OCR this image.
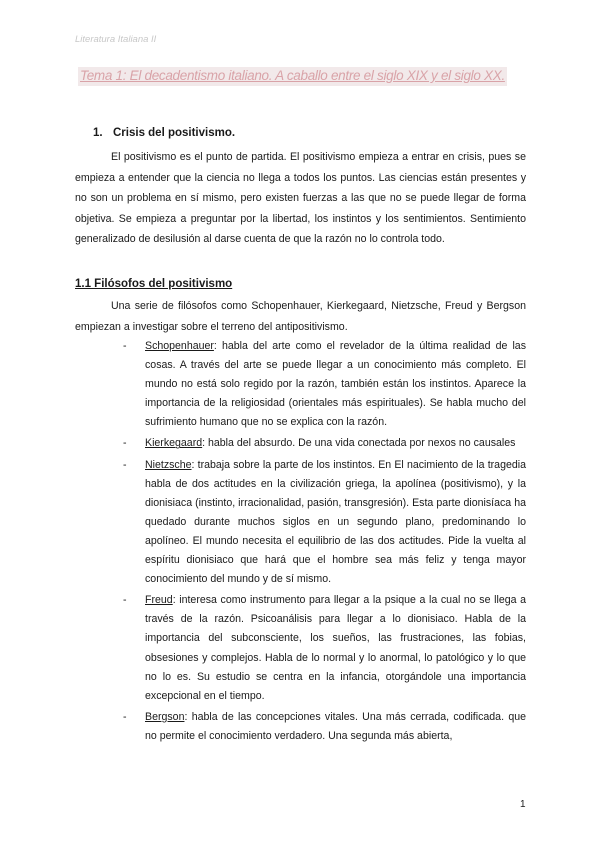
Literatura Italiana II
Tema 1: El decadentismo italiano. A caballo entre el siglo XIX y el siglo XX.
1. Crisis del positivismo.
El positivismo es el punto de partida. El positivismo empieza a entrar en crisis, pues se empieza a entender que la ciencia no llega a todos los puntos. Las ciencias están presentes y no son un problema en sí mismo, pero existen fuerzas a las que no se puede llegar de forma objetiva. Se empieza a preguntar por la libertad, los instintos y los sentimientos. Sentimiento generalizado de desilusión al darse cuenta de que la razón no lo controla todo.
1.1 Filósofos del positivismo
Una serie de filósofos como Schopenhauer, Kierkegaard, Nietzsche, Freud y Bergson empiezan a investigar sobre el terreno del antipositivismo.
- Schopenhauer: habla del arte como el revelador de la última realidad de las cosas. A través del arte se puede llegar a un conocimiento más completo. El mundo no está solo regido por la razón, también están los instintos. Aparece la importancia de la religiosidad (orientales más espirituales). Se habla mucho del sufrimiento humano que no se explica con la razón.
- Kierkegaard: habla del absurdo. De una vida conectada por nexos no causales
- Nietzsche: trabaja sobre la parte de los instintos. En El nacimiento de la tragedia habla de dos actitudes en la civilización griega, la apolínea (positivismo), y la dionisiaca (instinto, irracionalidad, pasión, transgresión). Esta parte dionisíaca ha quedado durante muchos siglos en un segundo plano, predominando lo apolíneo. El mundo necesita el equilibrio de las dos actitudes. Pide la vuelta al espíritu dionisiaco que hará que el hombre sea más feliz y tenga mayor conocimiento del mundo y de sí mismo.
- Freud: interesa como instrumento para llegar a la psique a la cual no se llega a través de la razón. Psicoanálisis para llegar a lo dionisiaco. Habla de la importancia del subconsciente, los sueños, las frustraciones, las fobias, obsesiones y complejos. Habla de lo normal y lo anormal, lo patológico y lo que no lo es. Su estudio se centra en la infancia, otorgándole una importancia excepcional en el tiempo.
- Bergson: habla de las concepciones vitales. Una más cerrada, codificada. que no permite el conocimiento verdadero. Una segunda más abierta,
1
